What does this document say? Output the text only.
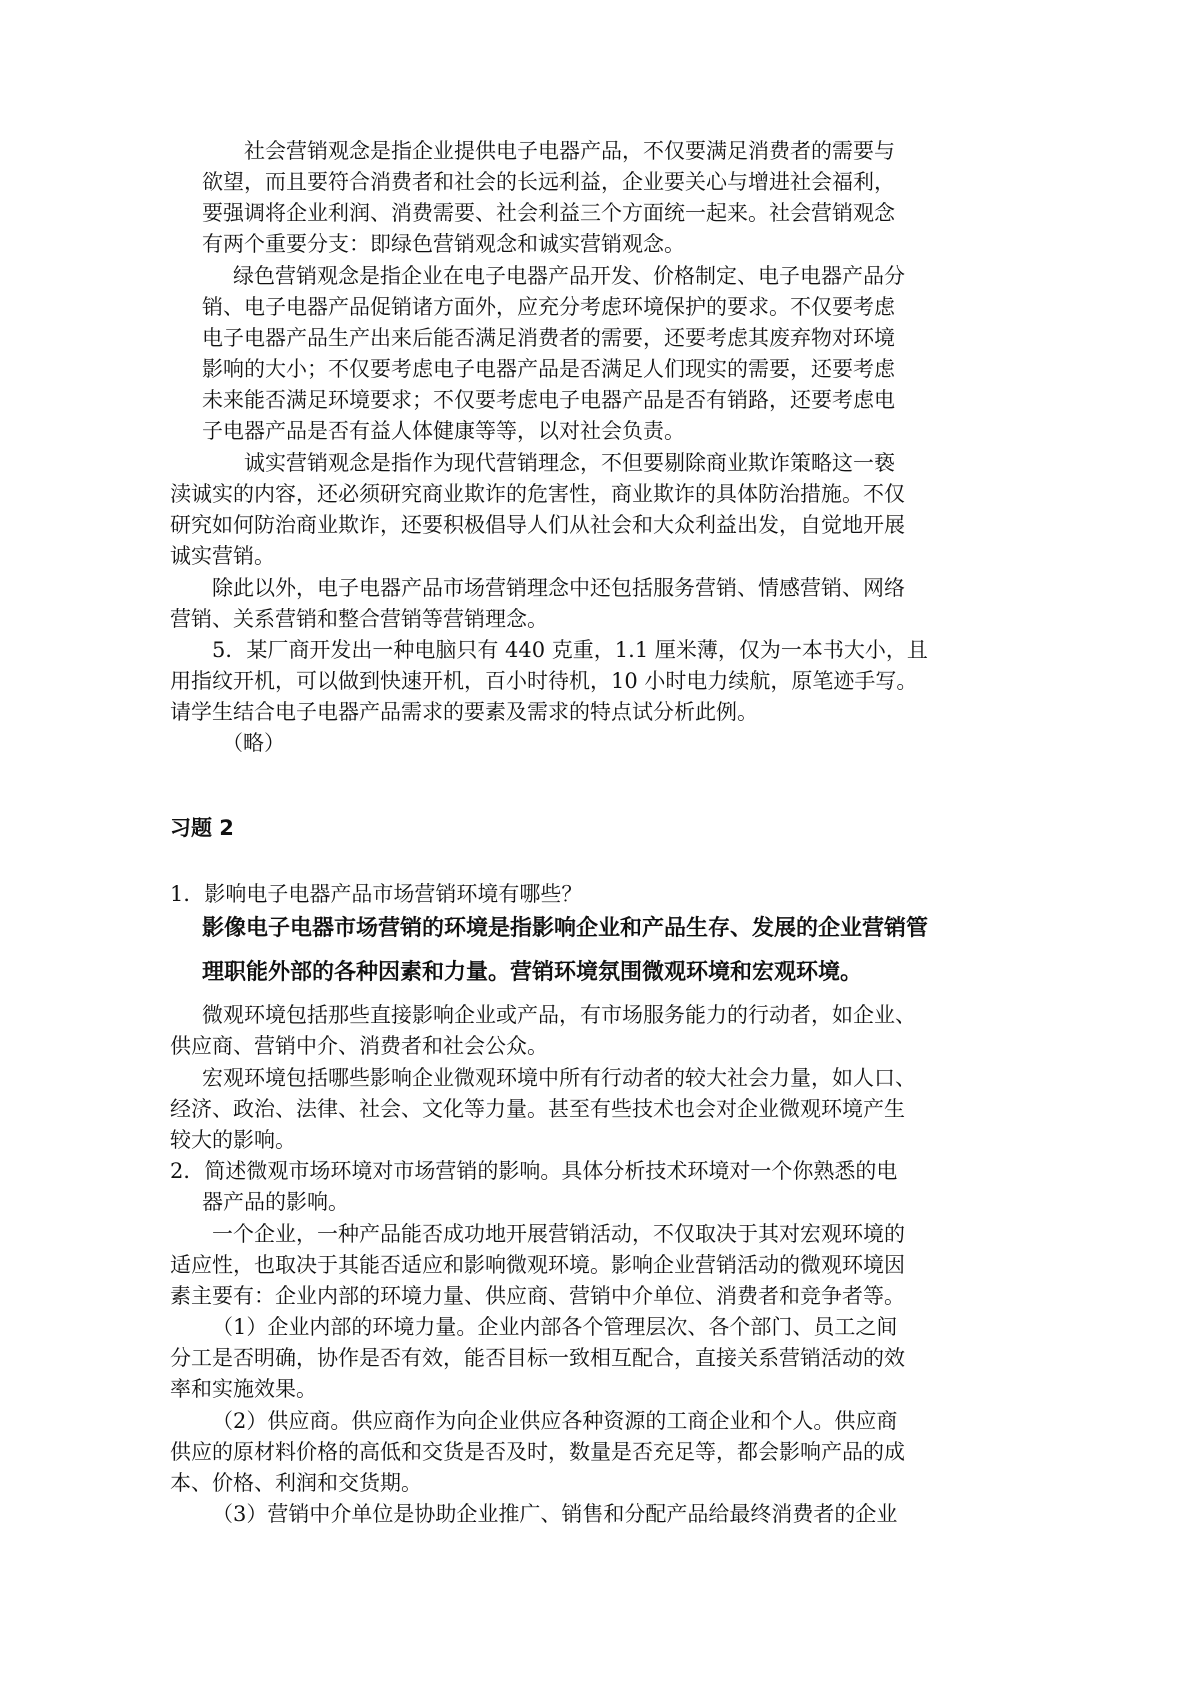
社会营销观念是指企业提供电子电器产品，不仅要满足消费者的需要与
欲望，而且要符合消费者和社会的长远利益，企业要关心与增进社会福利，
要强调将企业利润、消费需要、社会利益三个方面统一起来。社会营销观念
有两个重要分支：即绿色营销观念和诚实营销观念。
绿色营销观念是指企业在电子电器产品开发、价格制定、电子电器产品分
销、电子电器产品促销诸方面外，应充分考虑环境保护的要求。不仅要考虑
电子电器产品生产出来后能否满足消费者的需要，还要考虑其废弃物对环境
影响的大小；不仅要考虑电子电器产品是否满足人们现实的需要，还要考虑
未来能否满足环境要求；不仅要考虑电子电器产品是否有销路，还要考虑电
子电器产品是否有益人体健康等等，以对社会负责。
诚实营销观念是指作为现代营销理念，不但要剔除商业欺诈策略这一亵
渎诚实的内容，还必须研究商业欺诈的危害性，商业欺诈的具体防治措施。不仅
研究如何防治商业欺诈，还要积极倡导人们从社会和大众利益出发，自觉地开展
诚实营销。
除此以外，电子电器产品市场营销理念中还包括服务营销、情感营销、网络
营销、关系营销和整合营销等营销理念。
5．某厂商开发出一种电脑只有 440 克重，1.1 厘米薄，仅为一本书大小，且
用指纹开机，可以做到快速开机，百小时待机，10 小时电力续航，原笔迹手写。
请学生结合电子电器产品需求的要素及需求的特点试分析此例。
（略）
习题 2
1．影响电子电器产品市场营销环境有哪些？
影像电子电器市场营销的环境是指影响企业和产品生存、发展的企业营销管
理职能外部的各种因素和力量。营销环境氛围微观环境和宏观环境。
微观环境包括那些直接影响企业或产品，有市场服务能力的行动者，如企业、
供应商、营销中介、消费者和社会公众。
宏观环境包括哪些影响企业微观环境中所有行动者的较大社会力量，如人口、
经济、政治、法律、社会、文化等力量。甚至有些技术也会对企业微观环境产生
较大的影响。
2．简述微观市场环境对市场营销的影响。具体分析技术环境对一个你熟悉的电
器产品的影响。
一个企业，一种产品能否成功地开展营销活动，不仅取决于其对宏观环境的
适应性，也取决于其能否适应和影响微观环境。影响企业营销活动的微观环境因
素主要有：企业内部的环境力量、供应商、营销中介单位、消费者和竞争者等。
（1）企业内部的环境力量。企业内部各个管理层次、各个部门、员工之间
分工是否明确，协作是否有效，能否目标一致相互配合，直接关系营销活动的效
率和实施效果。
（2）供应商。供应商作为向企业供应各种资源的工商企业和个人。供应商
供应的原材料价格的高低和交货是否及时，数量是否充足等，都会影响产品的成
本、价格、利润和交货期。
（3）营销中介单位是协助企业推广、销售和分配产品给最终消费者的企业
